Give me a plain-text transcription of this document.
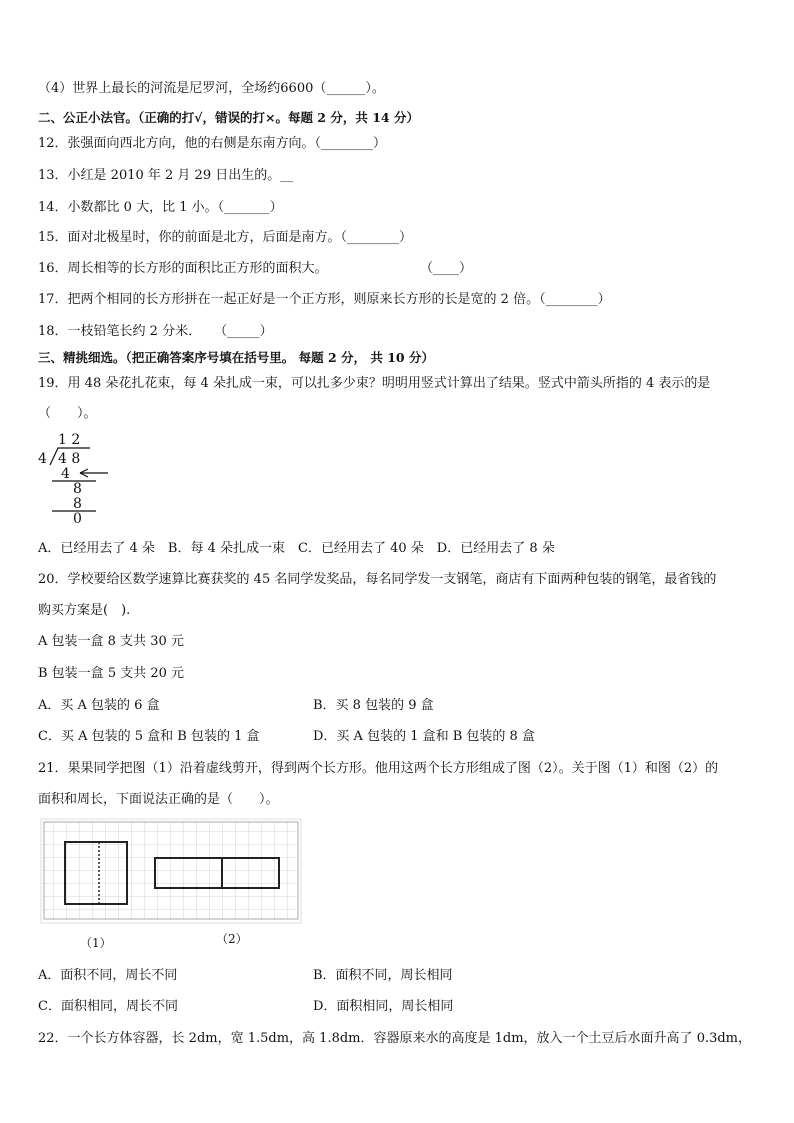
（4）世界上最长的河流是尼罗河，全场约6600（______）。
二、公正小法官。（正确的打√，错误的打×。每题 2 分，共 14 分）
12．张强面向西北方向，他的右侧是东南方向。（________）
13．小红是 2010 年 2 月 29 日出生的。__
14．小数都比 0 大，比 1 小。（_______）
15．面对北极星时，你的前面是北方，后面是南方。（________）
16．周长相等的长方形的面积比正方形的面积大。	（____）
17．把两个相同的长方形拼在一起正好是一个正方形，则原来长方形的长是宽的 2 倍。（________）
18．一枝铅笔长约 2 分米．　　（_____）
三、精挑细选。（把正确答案序号填在括号里。 每题 2 分， 共 10 分）
19．用 48 朵花扎花束，每 4 朵扎成一束，可以扎多少束？明明用竖式计算出了结果。竖式中箭头所指的 4 表示的是
（　　）。
1 2
4 4 8
4
8
8
0
A．已经用去了 4 朵　B．每 4 朵扎成一束　C．已经用去了 40 朵　D．已经用去了 8 朵
20．学校要给区数学速算比赛获奖的 45 名同学发奖品，每名同学发一支钢笔，商店有下面两种包装的钢笔，最省钱的
购买方案是(　).
A 包装一盒 8 支共 30 元
B 包装一盒 5 支共 20 元
A．买 A 包装的 6 盒	B．买 8 包装的 9 盒
C．买 A 包装的 5 盒和 B 包装的 1 盒	D．买 A 包装的 1 盒和 B 包装的 8 盒
21．果果同学把图（1）沿着虚线剪开，得到两个长方形。他用这两个长方形组成了图（2）。关于图（1）和图（2）的
面积和周长，下面说法正确的是（　　）。
（1）	（2）
A．面积不同，周长不同	B．面积不同，周长相同
C．面积相同，周长不同	D．面积相同，周长相同
22．一个长方体容器，长 2dm，宽 1.5dm，高 1.8dm．容器原来水的高度是 1dm，放入一个土豆后水面升高了 0.3dm，
